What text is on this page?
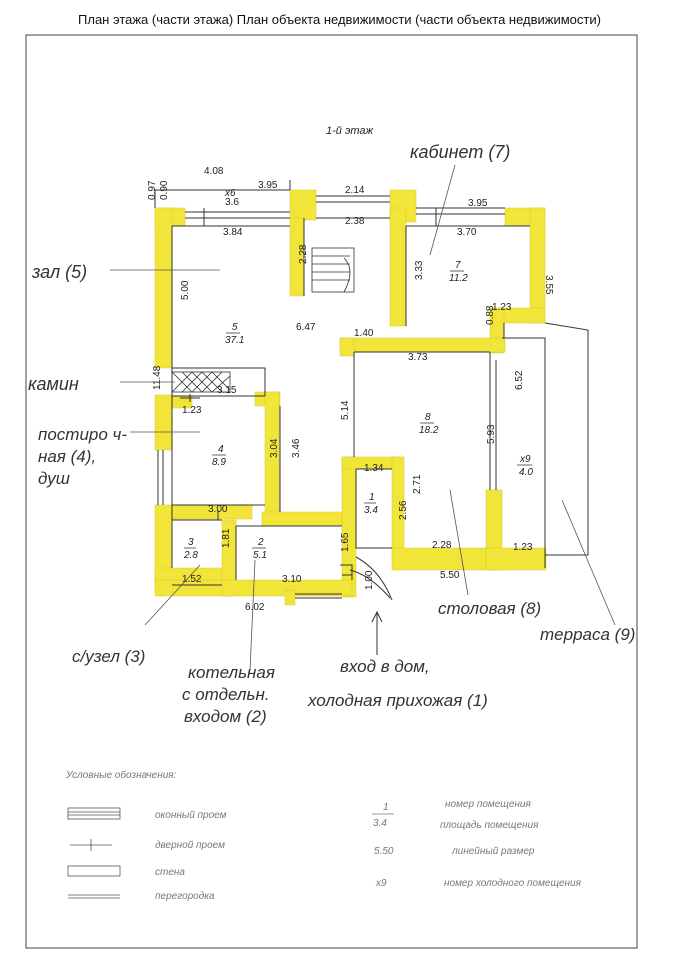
План этажа (части этажа) План объекта недвижимости (части объекта недвижимости)
4.08
3.95
x6
3.6
0.97 0.90	2.14
2.38
3.95
3.70
3.55
3.33
1.23
0.88
3.84
2.28
5.00
6.47
1.40
3.73
11.48
3.15
1.23	5.14
6.52
5.93
3.04 3.46
1.34
2.71
2.56
3.00
1.81
1.52
1.65
3.10
6.02
1.00
2.28	1.23
5.50
5
37.1
7
11.2
8
18.2
x9
4.0
4
8.9
1
3.4
3
2.8
2
5.1
1-й этаж
кабинет (7)
зал (5)
камин
постиро ч-
ная (4),
душ
с/узел (3)
котельная
с отдельн.
входом (2)
вход в дом,
холодная прихожая (1)
столовая (8)
терраса (9)
Условные обозначения:
оконный проем
дверной проем
стена
перегородка
1
3.4
номер помещения
площадь помещения
5.50	линейный размер
x9	номер холодного помещения
